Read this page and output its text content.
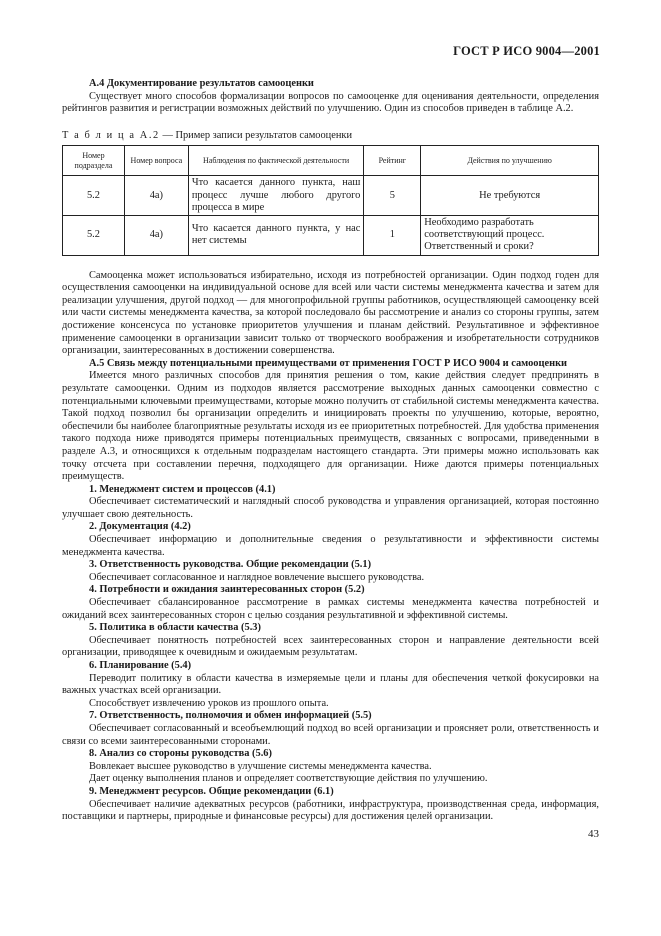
ГОСТ Р ИСО 9004—2001
А.4 Документирование результатов самооценки

Существует много способов формализации вопросов по самооценке для оценивания деятельности, определения рейтингов развития и регистрации возможных действий по улучшению. Один из способов приведен в таблице А.2.

Т а б л и ц а А.2 — Пример записи результатов самооценки
Номер подраздела	Номер вопроса	Наблюдения по фактической деятельности	Рейтинг	Действия по улучшению
5.2	4a)	Что касается данного пункта, наш процесс лучше любого другого процесса в мире	5	Не требуются
5.2	4a)	Что касается данного пункта, у нас нет системы	1	Необходимо разработать соответствующий процесс. Ответственный и сроки?

Самооценка может использоваться избирательно, исходя из потребностей организации. Один подход годен для осуществления самооценки на индивидуальной основе для всей или части системы менеджмента качества и затем для реализации улучшения, другой подход — для многопрофильной группы работников, осуществляющей самооценку всей или части системы менеджмента качества, за которой последовало бы рассмотрение и анализ со стороны группы, затем достижение консенсуса по установке приоритетов улучшения и планам действий. Результативное и эффективное применение самооценки в организации зависит только от творческого воображения и изобретательности сотрудников организации, заинтересованных в достижении совершенства.

А.5 Связь между потенциальными преимуществами от применения ГОСТ Р ИСО 9004 и самооценки

Имеется много различных способов для принятия решения о том, какие действия следует предпринять в результате самооценки. Одним из подходов является рассмотрение выходных данных самооценки совместно с потенциальными ключевыми преимуществами, которые можно получить от стабильной системы менеджмента качества. Такой подход позволил бы организации определить и инициировать проекты по улучшению, которые, вероятно, обеспечили бы наиболее благоприятные результаты исходя из ее приоритетных потребностей. Для удобства применения такого подхода ниже приводятся примеры потенциальных преимуществ, связанных с вопросами, приведенными в разделе А.3, и относящихся к отдельным подразделам настоящего стандарта. Эти примеры можно использовать как точку отсчета при составлении перечня, подходящего для организации. Ниже даются примеры потенциальных преимуществ.

1. Менеджмент систем и процессов (4.1)

Обеспечивает систематический и наглядный способ руководства и управления организацией, которая постоянно улучшает свою деятельность.

2. Документация (4.2)

Обеспечивает информацию и дополнительные сведения о результативности и эффективности системы менеджмента качества.

3. Ответственность руководства. Общие рекомендации (5.1)

Обеспечивает согласованное и наглядное вовлечение высшего руководства.

4. Потребности и ожидания заинтересованных сторон (5.2)

Обеспечивает сбалансированное рассмотрение в рамках системы менеджмента качества потребностей и ожиданий всех заинтересованных сторон с целью создания результативной и эффективной системы.

5. Политика в области качества (5.3)

Обеспечивает понятность потребностей всех заинтересованных сторон и направление деятельности всей организации, приводящее к очевидным и ожидаемым результатам.

6. Планирование (5.4)

Переводит политику в области качества в измеряемые цели и планы для обеспечения четкой фокусировки на важных участках всей организации.

Способствует извлечению уроков из прошлого опыта.

7. Ответственность, полномочия и обмен информацией (5.5)

Обеспечивает согласованный и всеобъемлющий подход во всей организации и проясняет роли, ответственность и связи со всеми заинтересованными сторонами.

8. Анализ со стороны руководства (5.6)

Вовлекает высшее руководство в улучшение системы менеджмента качества.

Дает оценку выполнения планов и определяет соответствующие действия по улучшению.

9. Менеджмент ресурсов. Общие рекомендации (6.1)

Обеспечивает наличие адекватных ресурсов (работники, инфраструктура, производственная среда, информация, поставщики и партнеры, природные и финансовые ресурсы) для достижения целей организации.

43
